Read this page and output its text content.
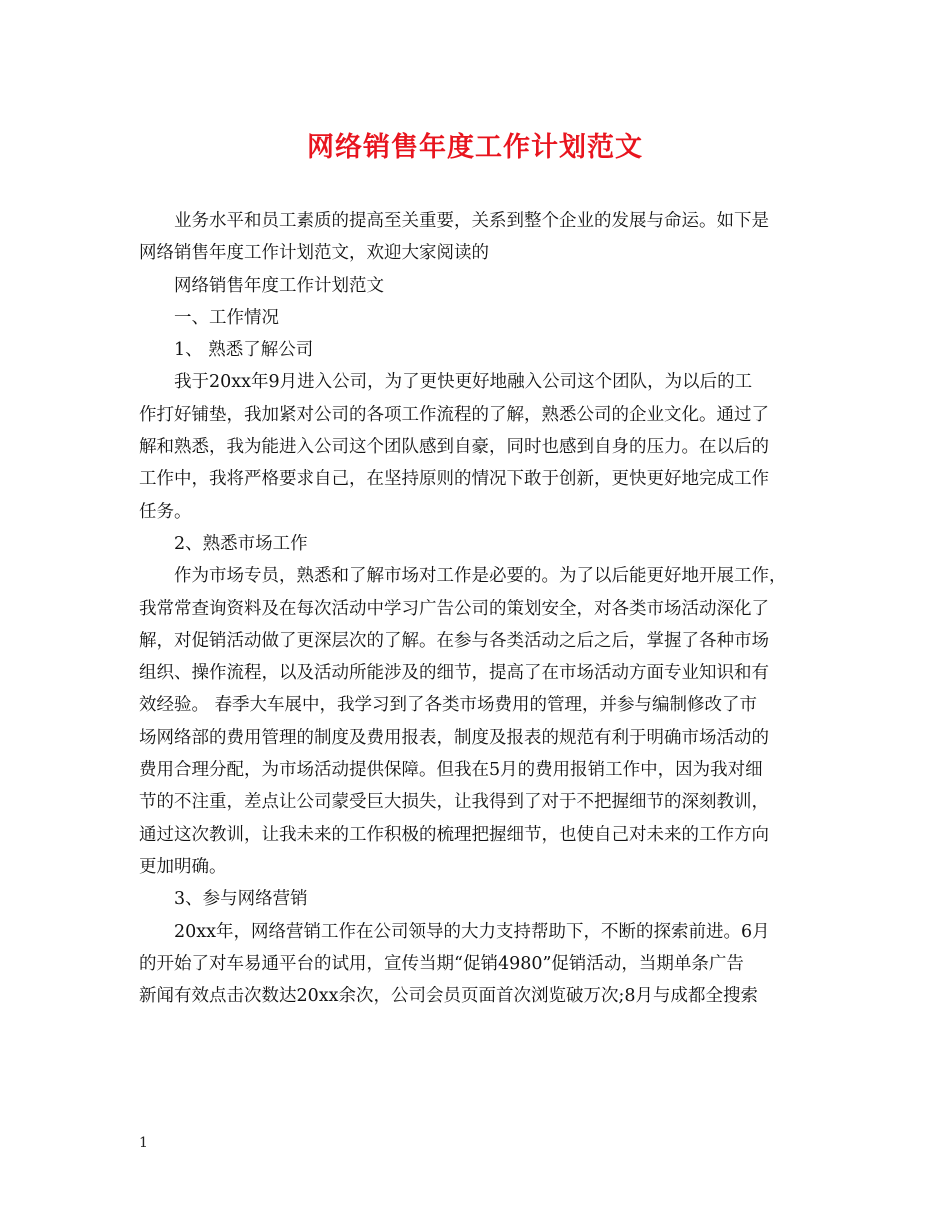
网络销售年度工作计划范文
业务水平和员工素质的提高至关重要，关系到整个企业的发展与命运。如下是
网络销售年度工作计划范文，欢迎大家阅读的
网络销售年度工作计划范文
一、工作情况
1、 熟悉了解公司
我于20xx年9月进入公司，为了更快更好地融入公司这个团队，为以后的工
作打好铺垫，我加紧对公司的各项工作流程的了解，熟悉公司的企业文化。通过了
解和熟悉，我为能进入公司这个团队感到自豪，同时也感到自身的压力。在以后的
工作中，我将严格要求自己，在坚持原则的情况下敢于创新，更快更好地完成工作
任务。
2、熟悉市场工作
作为市场专员，熟悉和了解市场对工作是必要的。为了以后能更好地开展工作，
我常常查询资料及在每次活动中学习广告公司的策划安全，对各类市场活动深化了
解，对促销活动做了更深层次的了解。在参与各类活动之后之后，掌握了各种市场
组织、操作流程，以及活动所能涉及的细节，提高了在市场活动方面专业知识和有
效经验。 春季大车展中，我学习到了各类市场费用的管理，并参与编制修改了市
场网络部的费用管理的制度及费用报表，制度及报表的规范有利于明确市场活动的
费用合理分配，为市场活动提供保障。但我在5月的费用报销工作中，因为我对细
节的不注重，差点让公司蒙受巨大损失，让我得到了对于不把握细节的深刻教训，
通过这次教训，让我未来的工作积极的梳理把握细节，也使自己对未来的工作方向
更加明确。
3、参与网络营销
20xx年，网络营销工作在公司领导的大力支持帮助下，不断的探索前进。6月
的开始了对车易通平台的试用，宣传当期“促销4980”促销活动，当期单条广告
新闻有效点击次数达20xx余次，公司会员页面首次浏览破万次;8月与成都全搜索
1
